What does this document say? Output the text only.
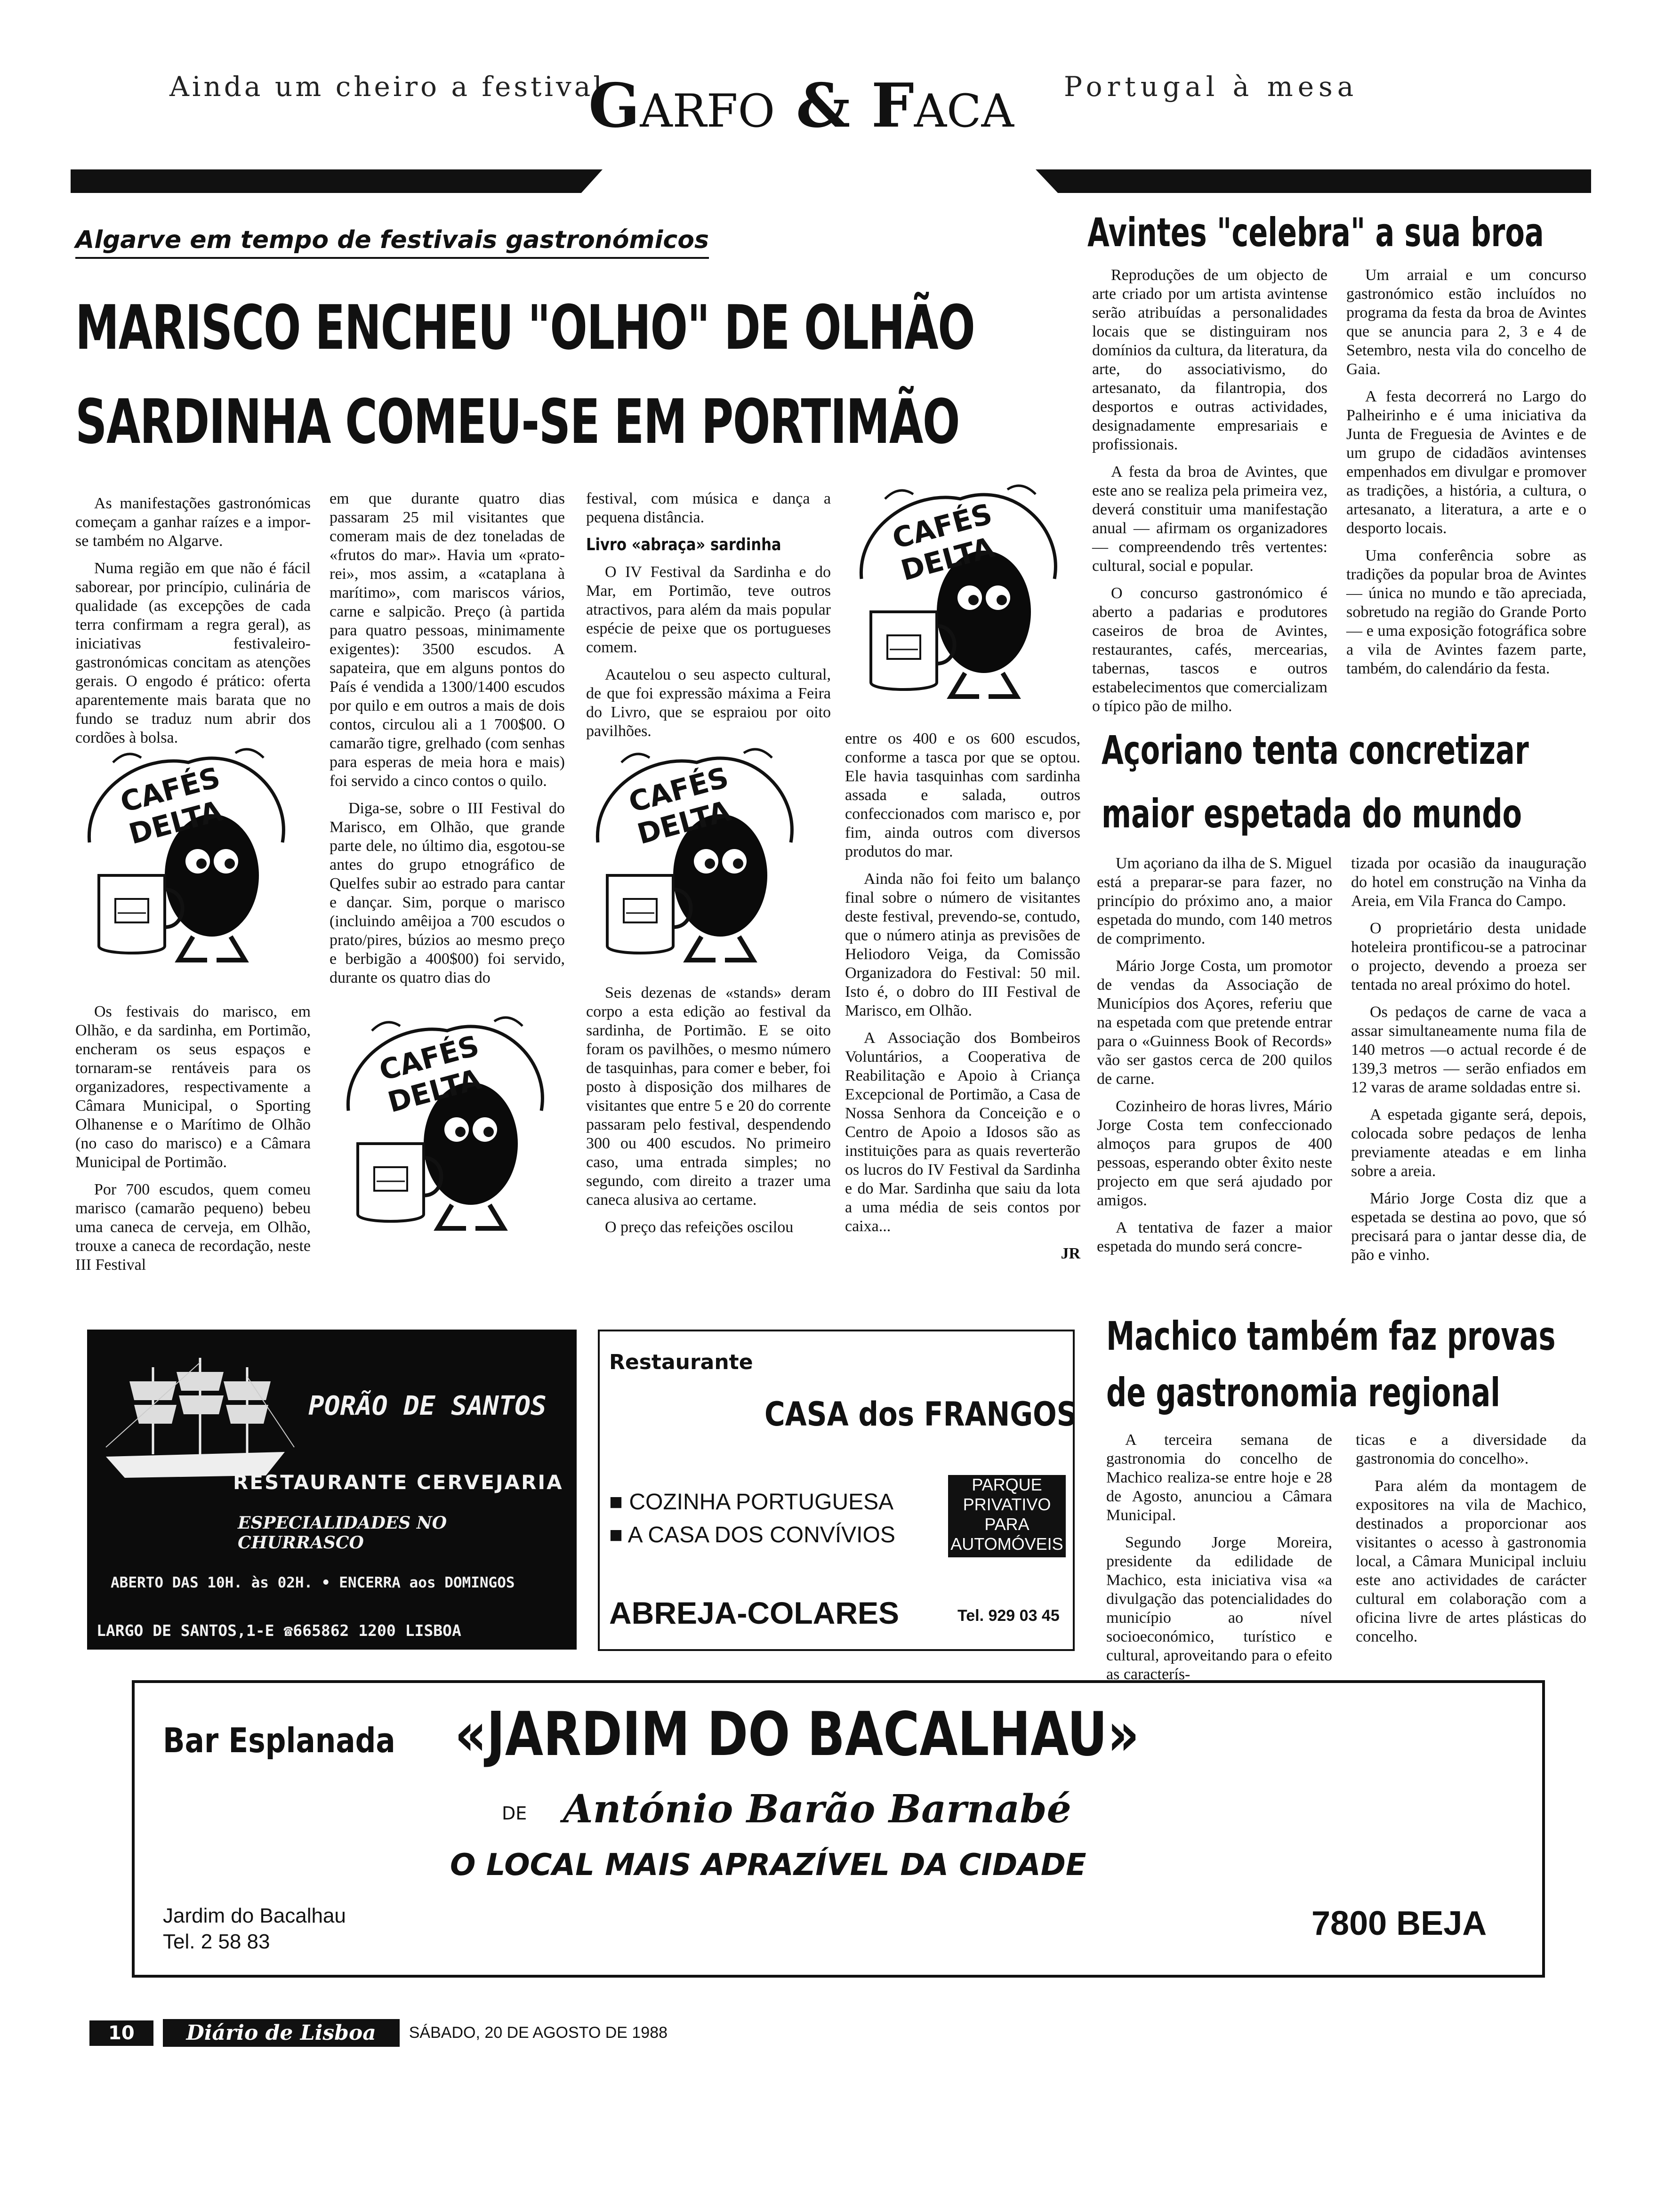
Ainda um cheiro a festival
GARFO & FACA Portugal à mesa
Algarve em tempo de festivais gastronómicos
MARISCO ENCHEU "OLHO" DE OLHÃO
SARDINHA COMEU-SE EM PORTIMÃO

As manifestações gastronómicas começam a ganhar raízes e a impor-se também no Algarve.

Numa região em que não é fácil saborear, por princípio, culinária de qualidade (as excepções de cada terra confirmam a regra geral), as iniciativas festivaleiro-gastronómicas concitam as atenções gerais. O engodo é prático: oferta aparentemente mais barata que no fundo se traduz num abrir dos cordões à bolsa.

Os festivais do marisco, em Olhão, e da sardinha, em Portimão, encheram os seus espaços e tornaram-se rentáveis para os organizadores, respectivamente a Câmara Municipal, o Sporting Olhanense e o Marítimo de Olhão (no caso do marisco) e a Câmara Municipal de Portimão.

Por 700 escudos, quem comeu marisco (camarão pequeno) bebeu uma caneca de cerveja, em Olhão, trouxe a caneca de recordação, neste III Festival

em que durante quatro dias passaram 25 mil visitantes que comeram mais de dez toneladas de «frutos do mar». Havia um «prato-rei», mos assim, a «cataplana à marítimo», com mariscos vários, carne e salpicão. Preço (à partida para quatro pessoas, minimamente exigentes): 3500 escudos. A sapateira, que em alguns pontos do País é vendida a 1300/1400 escudos por quilo e em outros a mais de dois contos, circulou ali a 1 700$00. O camarão tigre, grelhado (com senhas para esperas de meia hora e mais) foi servido a cinco contos o quilo.

Diga-se, sobre o III Festival do Marisco, em Olhão, que grande parte dele, no último dia, esgotou-se antes do grupo etnográfico de Quelfes subir ao estrado para cantar e dançar. Sim, porque o marisco (incluindo amêijoa a 700 escudos o prato/pires, búzios ao mesmo preço e berbigão a 400$00) foi servido, durante os quatro dias do

festival, com música e dança a pequena distância.

Livro «abraça» sardinha

O IV Festival da Sardinha e do Mar, em Portimão, teve outros atractivos, para além da mais popular espécie de peixe que os portugueses comem.

Acautelou o seu aspecto cultural, de que foi expressão máxima a Feira do Livro, que se espraiou por oito pavilhões.

Seis dezenas de «stands» deram corpo a esta edição ao festival da sardinha, de Portimão. E se oito foram os pavilhões, o mesmo número de tasquinhas, para comer e beber, foi posto à disposição dos milhares de visitantes que entre 5 e 20 do corrente passaram pelo festival, despendendo 300 ou 400 escudos. No primeiro caso, uma entrada simples; no segundo, com direito a trazer uma caneca alusiva ao certame.

O preço das refeições oscilou

entre os 400 e os 600 escudos, conforme a tasca por que se optou. Ele havia tasquinhas com sardinha assada e salada, outros confeccionados com marisco e, por fim, ainda outros com diversos produtos do mar.

Ainda não foi feito um balanço final sobre o número de visitantes deste festival, prevendo-se, contudo, que o número atinja as previsões de Heliodoro Veiga, da Comissão Organizadora do Festival: 50 mil. Isto é, o dobro do III Festival de Marisco, em Olhão.

A Associação dos Bombeiros Voluntários, a Cooperativa de Reabilitação e Apoio à Criança Excepcional de Portimão, a Casa de Nossa Senhora da Conceição e o Centro de Apoio a Idosos são as instituições para as quais reverterão os lucros do IV Festival da Sardinha e do Mar. Sardinha que saiu da lota a uma média de seis contos por caixa...

JR
CAFÉS DELTA
CAFÉS DELTA
CAFÉS DELTA
CAFÉS DELTA
Avintes "celebra" a sua broa

Reproduções de um objecto de arte criado por um artista avintense serão atribuídas a personalidades locais que se distinguiram nos domínios da cultura, da literatura, da arte, do associativismo, do artesanato, da filantropia, dos desportos e outras actividades, designadamente empresariais e profissionais.

A festa da broa de Avintes, que este ano se realiza pela primeira vez, deverá constituir uma manifestação anual — afirmam os organizadores — compreendendo três vertentes: cultural, social e popular.

O concurso gastronómico é aberto a padarias e produtores caseiros de broa de Avintes, restaurantes, cafés, mercearias, tabernas, tascos e outros estabelecimentos que comercializam o típico pão de milho.

Um arraial e um concurso gastronómico estão incluídos no programa da festa da broa de Avintes que se anuncia para 2, 3 e 4 de Setembro, nesta vila do concelho de Gaia.

A festa decorrerá no Largo do Palheirinho e é uma iniciativa da Junta de Freguesia de Avintes e de um grupo de cidadãos avintenses empenhados em divulgar e promover as tradições, a história, a cultura, o artesanato, a literatura, a arte e o desporto locais.

Uma conferência sobre as tradições da popular broa de Avintes — única no mundo e tão apreciada, sobretudo na região do Grande Porto — e uma exposição fotográfica sobre a vila de Avintes fazem parte, também, do calendário da festa.

Açoriano tenta concretizar
maior espetada do mundo

Um açoriano da ilha de S. Miguel está a preparar-se para fazer, no princípio do próximo ano, a maior espetada do mundo, com 140 metros de comprimento.

Mário Jorge Costa, um promotor de vendas da Associação de Municípios dos Açores, referiu que na espetada com que pretende entrar para o «Guinness Book of Records» vão ser gastos cerca de 200 quilos de carne.

Cozinheiro de horas livres, Mário Jorge Costa tem confeccionado almoços para grupos de 400 pessoas, esperando obter êxito neste projecto em que será ajudado por amigos.

A tentativa de fazer a maior espetada do mundo será concre-

tizada por ocasião da inauguração do hotel em construção na Vinha da Areia, em Vila Franca do Campo.

O proprietário desta unidade hoteleira prontificou-se a patrocinar o projecto, devendo a proeza ser tentada no areal próximo do hotel.

Os pedaços de carne de vaca a assar simultaneamente numa fila de 140 metros —o actual recorde é de 139,3 metros — serão enfiados em 12 varas de arame soldadas entre si.

A espetada gigante será, depois, colocada sobre pedaços de lenha previamente ateadas e em linha sobre a areia.

Mário Jorge Costa diz que a espetada se destina ao povo, que só precisará para o jantar desse dia, de pão e vinho.

Machico também faz provas
de gastronomia regional

A terceira semana de gastronomia do concelho de Machico realiza-se entre hoje e 28 de Agosto, anunciou a Câmara Municipal.

Segundo Jorge Moreira, presidente da edilidade de Machico, esta iniciativa visa «a divulgação das potencialidades do município ao nível socioeconómico, turístico e cultural, aproveitando para o efeito as caracterís-

ticas e a diversidade da gastronomia do concelho».

Para além da montagem de expositores na vila de Machico, destinados a proporcionar aos visitantes o acesso à gastronomia local, a Câmara Municipal incluiu este ano actividades de carácter cultural em colaboração com a oficina livre de artes plásticas do concelho.

PORÃO DE SANTOS
RESTAURANTE CERVEJARIA
ESPECIALIDADES NO CHURRASCO
ABERTO DAS 10H. às 02H. • ENCERRA aos DOMINGOS
LARGO DE SANTOS,1-E ☎665862 1200 LISBOA
Restaurante
CASA dos FRANGOS
■ COZINHA PORTUGUESA
■ A CASA DOS CONVÍVIOS
PARQUE PRIVATIVO PARA AUTOMÓVEIS
ABREJA-COLARES	Tel. 929 03 45
Bar Esplanada «JARDIM DO BACALHAU»
DE António Barão Barnabé
O LOCAL MAIS APRAZÍVEL DA CIDADE
Jardim do Bacalhau
Tel. 2 58 83	7800 BEJA
10	Diário de Lisboa	SÁBADO, 20 DE AGOSTO DE 1988
